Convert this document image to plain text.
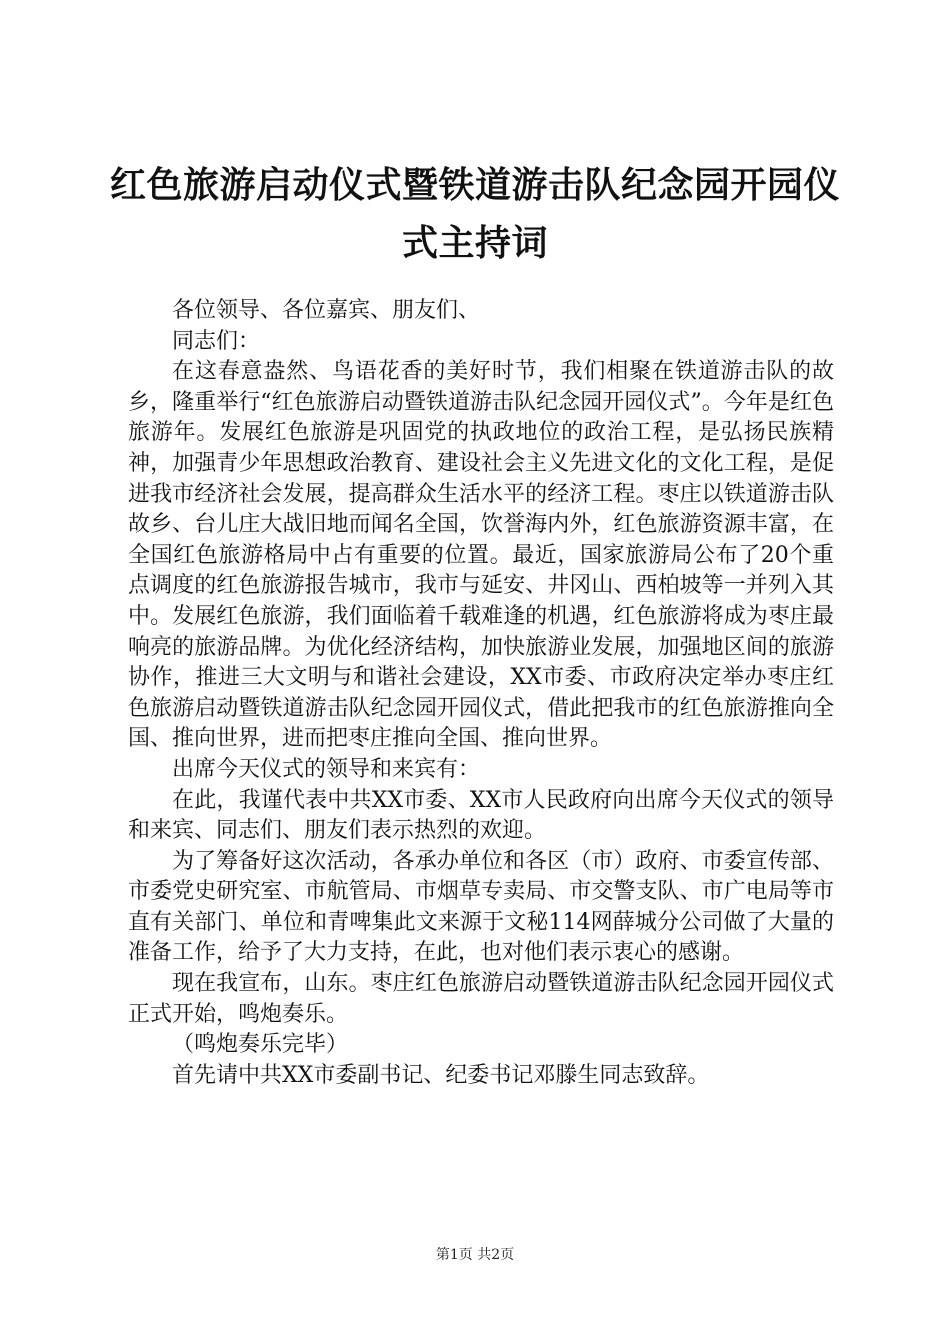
红色旅游启动仪式暨铁道游击队纪念园开园仪式主持词

各位领导、各位嘉宾、朋友们、

同志们：

在这春意盎然、鸟语花香的美好时节，我们相聚在铁道游击队的故乡，隆重举行“红色旅游启动暨铁道游击队纪念园开园仪式”。今年是红色旅游年。发展红色旅游是巩固党的执政地位的政治工程，是弘扬民族精神，加强青少年思想政治教育、建设社会主义先进文化的文化工程，是促进我市经济社会发展，提高群众生活水平的经济工程。枣庄以铁道游击队故乡、台儿庄大战旧地而闻名全国，饮誉海内外，红色旅游资源丰富，在全国红色旅游格局中占有重要的位置。最近，国家旅游局公布了20个重点调度的红色旅游报告城市，我市与延安、井冈山、西柏坡等一并列入其中。发展红色旅游，我们面临着千载难逢的机遇，红色旅游将成为枣庄最响亮的旅游品牌。为优化经济结构，加快旅游业发展，加强地区间的旅游协作，推进三大文明与和谐社会建设，XX市委、市政府决定举办枣庄红色旅游启动暨铁道游击队纪念园开园仪式，借此把我市的红色旅游推向全国、推向世界，进而把枣庄推向全国、推向世界。

出席今天仪式的领导和来宾有：

在此，我谨代表中共XX市委、XX市人民政府向出席今天仪式的领导和来宾、同志们、朋友们表示热烈的欢迎。

为了筹备好这次活动，各承办单位和各区（市）政府、市委宣传部、市委党史研究室、市航管局、市烟草专卖局、市交警支队、市广电局等市直有关部门、单位和青啤集此文来源于文秘114网薛城分公司做了大量的准备工作，给予了大力支持，在此，也对他们表示衷心的感谢。

现在我宣布，山东。枣庄红色旅游启动暨铁道游击队纪念园开园仪式正式开始，鸣炮奏乐。

（鸣炮奏乐完毕）

首先请中共XX市委副书记、纪委书记邓滕生同志致辞。

第1页 共2页
